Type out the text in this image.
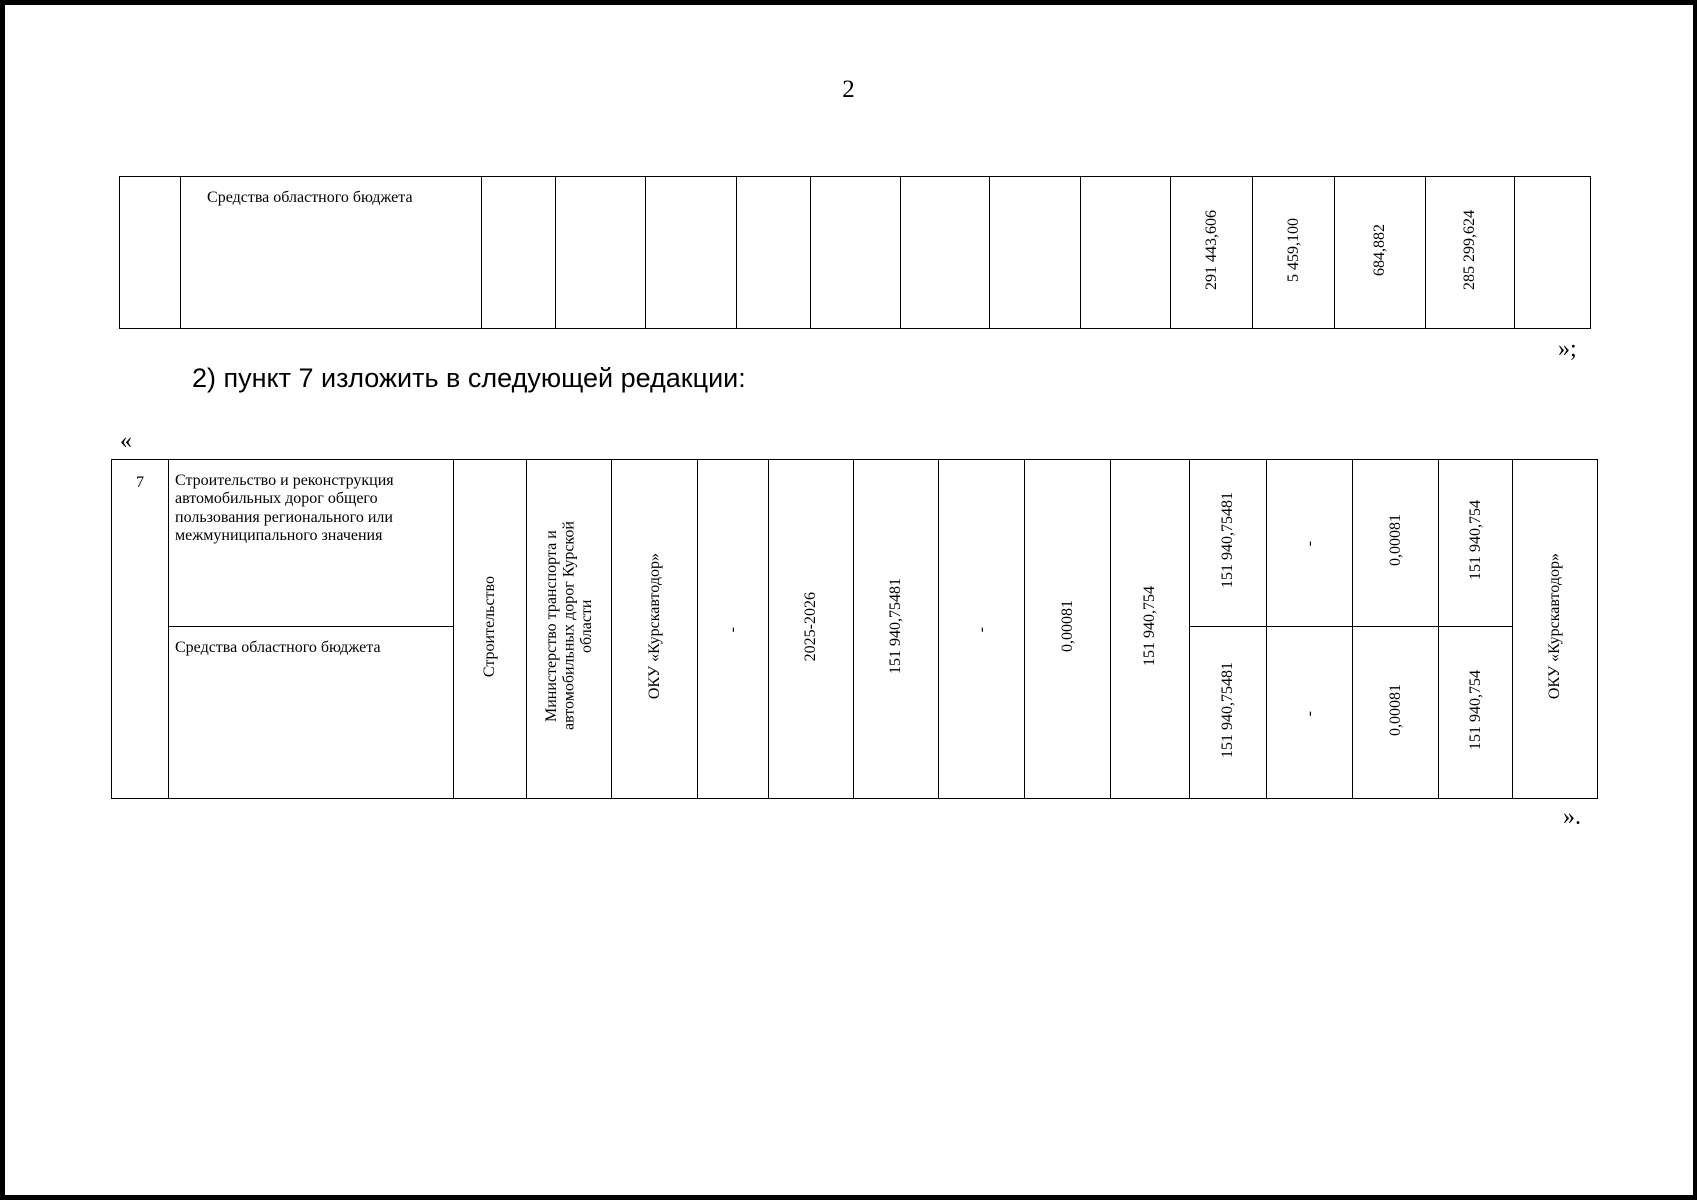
2
	Средства областного бюджета									291 443,606	5 459,100	684,882	285 299,624	
»;
2) пункт 7 изложить в следующей редакции:
«
7	Строительство и реконструкция автомобильных дорог общего пользования регионального или межмуниципального значения	Строительство	Министерство транспорта и автомобильных дорог Курской области	ОКУ «Курскавтодор»	-	2025-2026	151 940,75481	-	0,00081	151 940,754	151 940,75481	-	0,00081	151 940,754	ОКУ «Курскавтодор»
	Средства областного бюджета										151 940,75481	-	0,00081	151 940,754	
».
